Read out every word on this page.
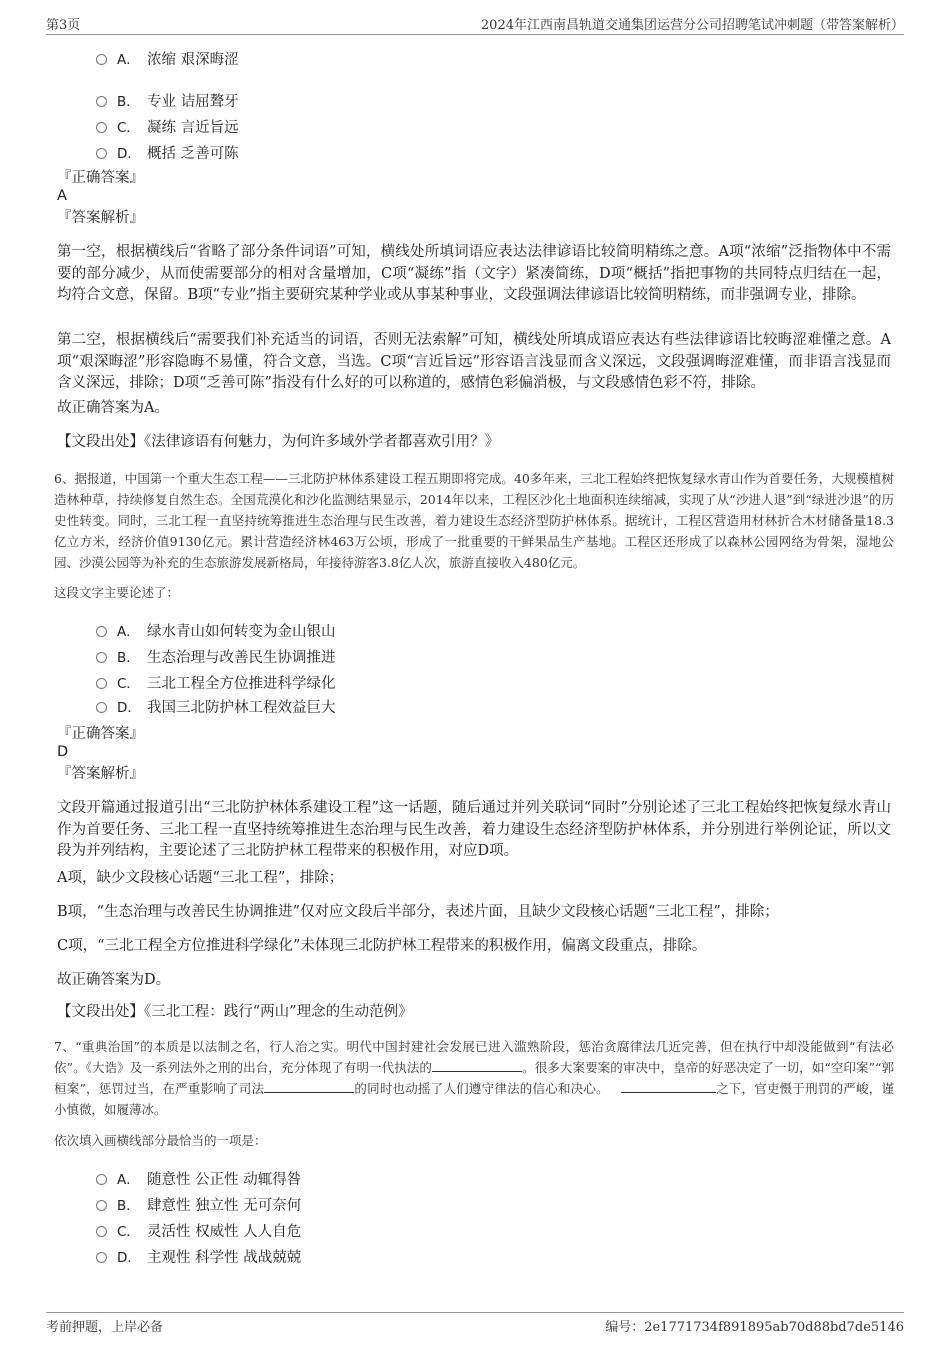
第3页	2024年江西南昌轨道交通集团运营分公司招聘笔试冲刺题（带答案解析）
A． 浓缩 艰深晦涩
B． 专业 诘屈聱牙
C． 凝练 言近旨远
D． 概括 乏善可陈
『正确答案』
A
『答案解析』
第一空，根据横线后“省略了部分条件词语”可知，横线处所填词语应表达法律谚语比较简明精练之意。A项“浓缩”泛指物体中不需要的部分减少，从而使需要部分的相对含量增加，C项“凝练”指（文字）紧凑简练，D项“概括”指把事物的共同特点归结在一起，均符合文意，保留。B项“专业”指主要研究某种学业或从事某种事业，文段强调法律谚语比较简明精练，而非强调专业，排除。
第二空，根据横线后“需要我们补充适当的词语，否则无法索解”可知，横线处所填成语应表达有些法律谚语比较晦涩难懂之意。A项“艰深晦涩”形容隐晦不易懂，符合文意，当选。C项“言近旨远”形容语言浅显而含义深远，文段强调晦涩难懂，而非语言浅显而含义深远，排除；D项“乏善可陈”指没有什么好的可以称道的，感情色彩偏消极，与文段感情色彩不符，排除。
故正确答案为A。
【文段出处】《法律谚语有何魅力，为何许多域外学者都喜欢引用？》
6、据报道，中国第一个重大生态工程——三北防护林体系建设工程五期即将完成。40多年来，三北工程始终把恢复绿水青山作为首要任务，大规模植树造林种草，持续修复自然生态。全国荒漠化和沙化监测结果显示，2014年以来，工程区沙化土地面积连续缩减，实现了从“沙进人退”到“绿进沙退”的历史性转变。同时，三北工程一直坚持统筹推进生态治理与民生改善，着力建设生态经济型防护林体系。据统计，工程区营造用材林折合木材储备量18.3亿立方米，经济价值9130亿元。累计营造经济林463万公顷，形成了一批重要的干鲜果品生产基地。工程区还形成了以森林公园网络为骨架，湿地公园、沙漠公园等为补充的生态旅游发展新格局，年接待游客3.8亿人次，旅游直接收入480亿元。
这段文字主要论述了：
A． 绿水青山如何转变为金山银山
B． 生态治理与改善民生协调推进
C． 三北工程全方位推进科学绿化
D． 我国三北防护林工程效益巨大
『正确答案』
D
『答案解析』
文段开篇通过报道引出“三北防护林体系建设工程”这一话题，随后通过并列关联词“同时”分别论述了三北工程始终把恢复绿水青山作为首要任务、三北工程一直坚持统筹推进生态治理与民生改善，着力建设生态经济型防护林体系，并分别进行举例论证，所以文段为并列结构，主要论述了三北防护林工程带来的积极作用，对应D项。
A项，缺少文段核心话题“三北工程”，排除；
B项，“生态治理与改善民生协调推进”仅对应文段后半部分，表述片面，且缺少文段核心话题“三北工程”，排除；
C项，“三北工程全方位推进科学绿化”未体现三北防护林工程带来的积极作用，偏离文段重点，排除。
故正确答案为D。
【文段出处】《三北工程：践行“两山”理念的生动范例》
7、“重典治国”的本质是以法制之名，行人治之实。明代中国封建社会发展已进入滥熟阶段，惩治贪腐律法几近完善，但在执行中却没能做到“有法必依”。《大诰》及一系列法外之刑的出台，充分体现了有明一代执法的	。很多大案要案的审决中，皇帝的好恶决定了一切，如“空印案”“郭桓案”，惩罚过当，在严重影响了司法	的同时也动摇了人们遵守律法的信心和决心。	之下，官吏慑于刑罚的严峻，谨小慎微，如履薄冰。
依次填入画横线部分最恰当的一项是：
A． 随意性 公正性 动辄得咎
B． 肆意性 独立性 无可奈何
C． 灵活性 权威性 人人自危
D． 主观性 科学性 战战兢兢
考前押题，上岸必备	编号：2e1771734f891895ab70d88bd7de5146
